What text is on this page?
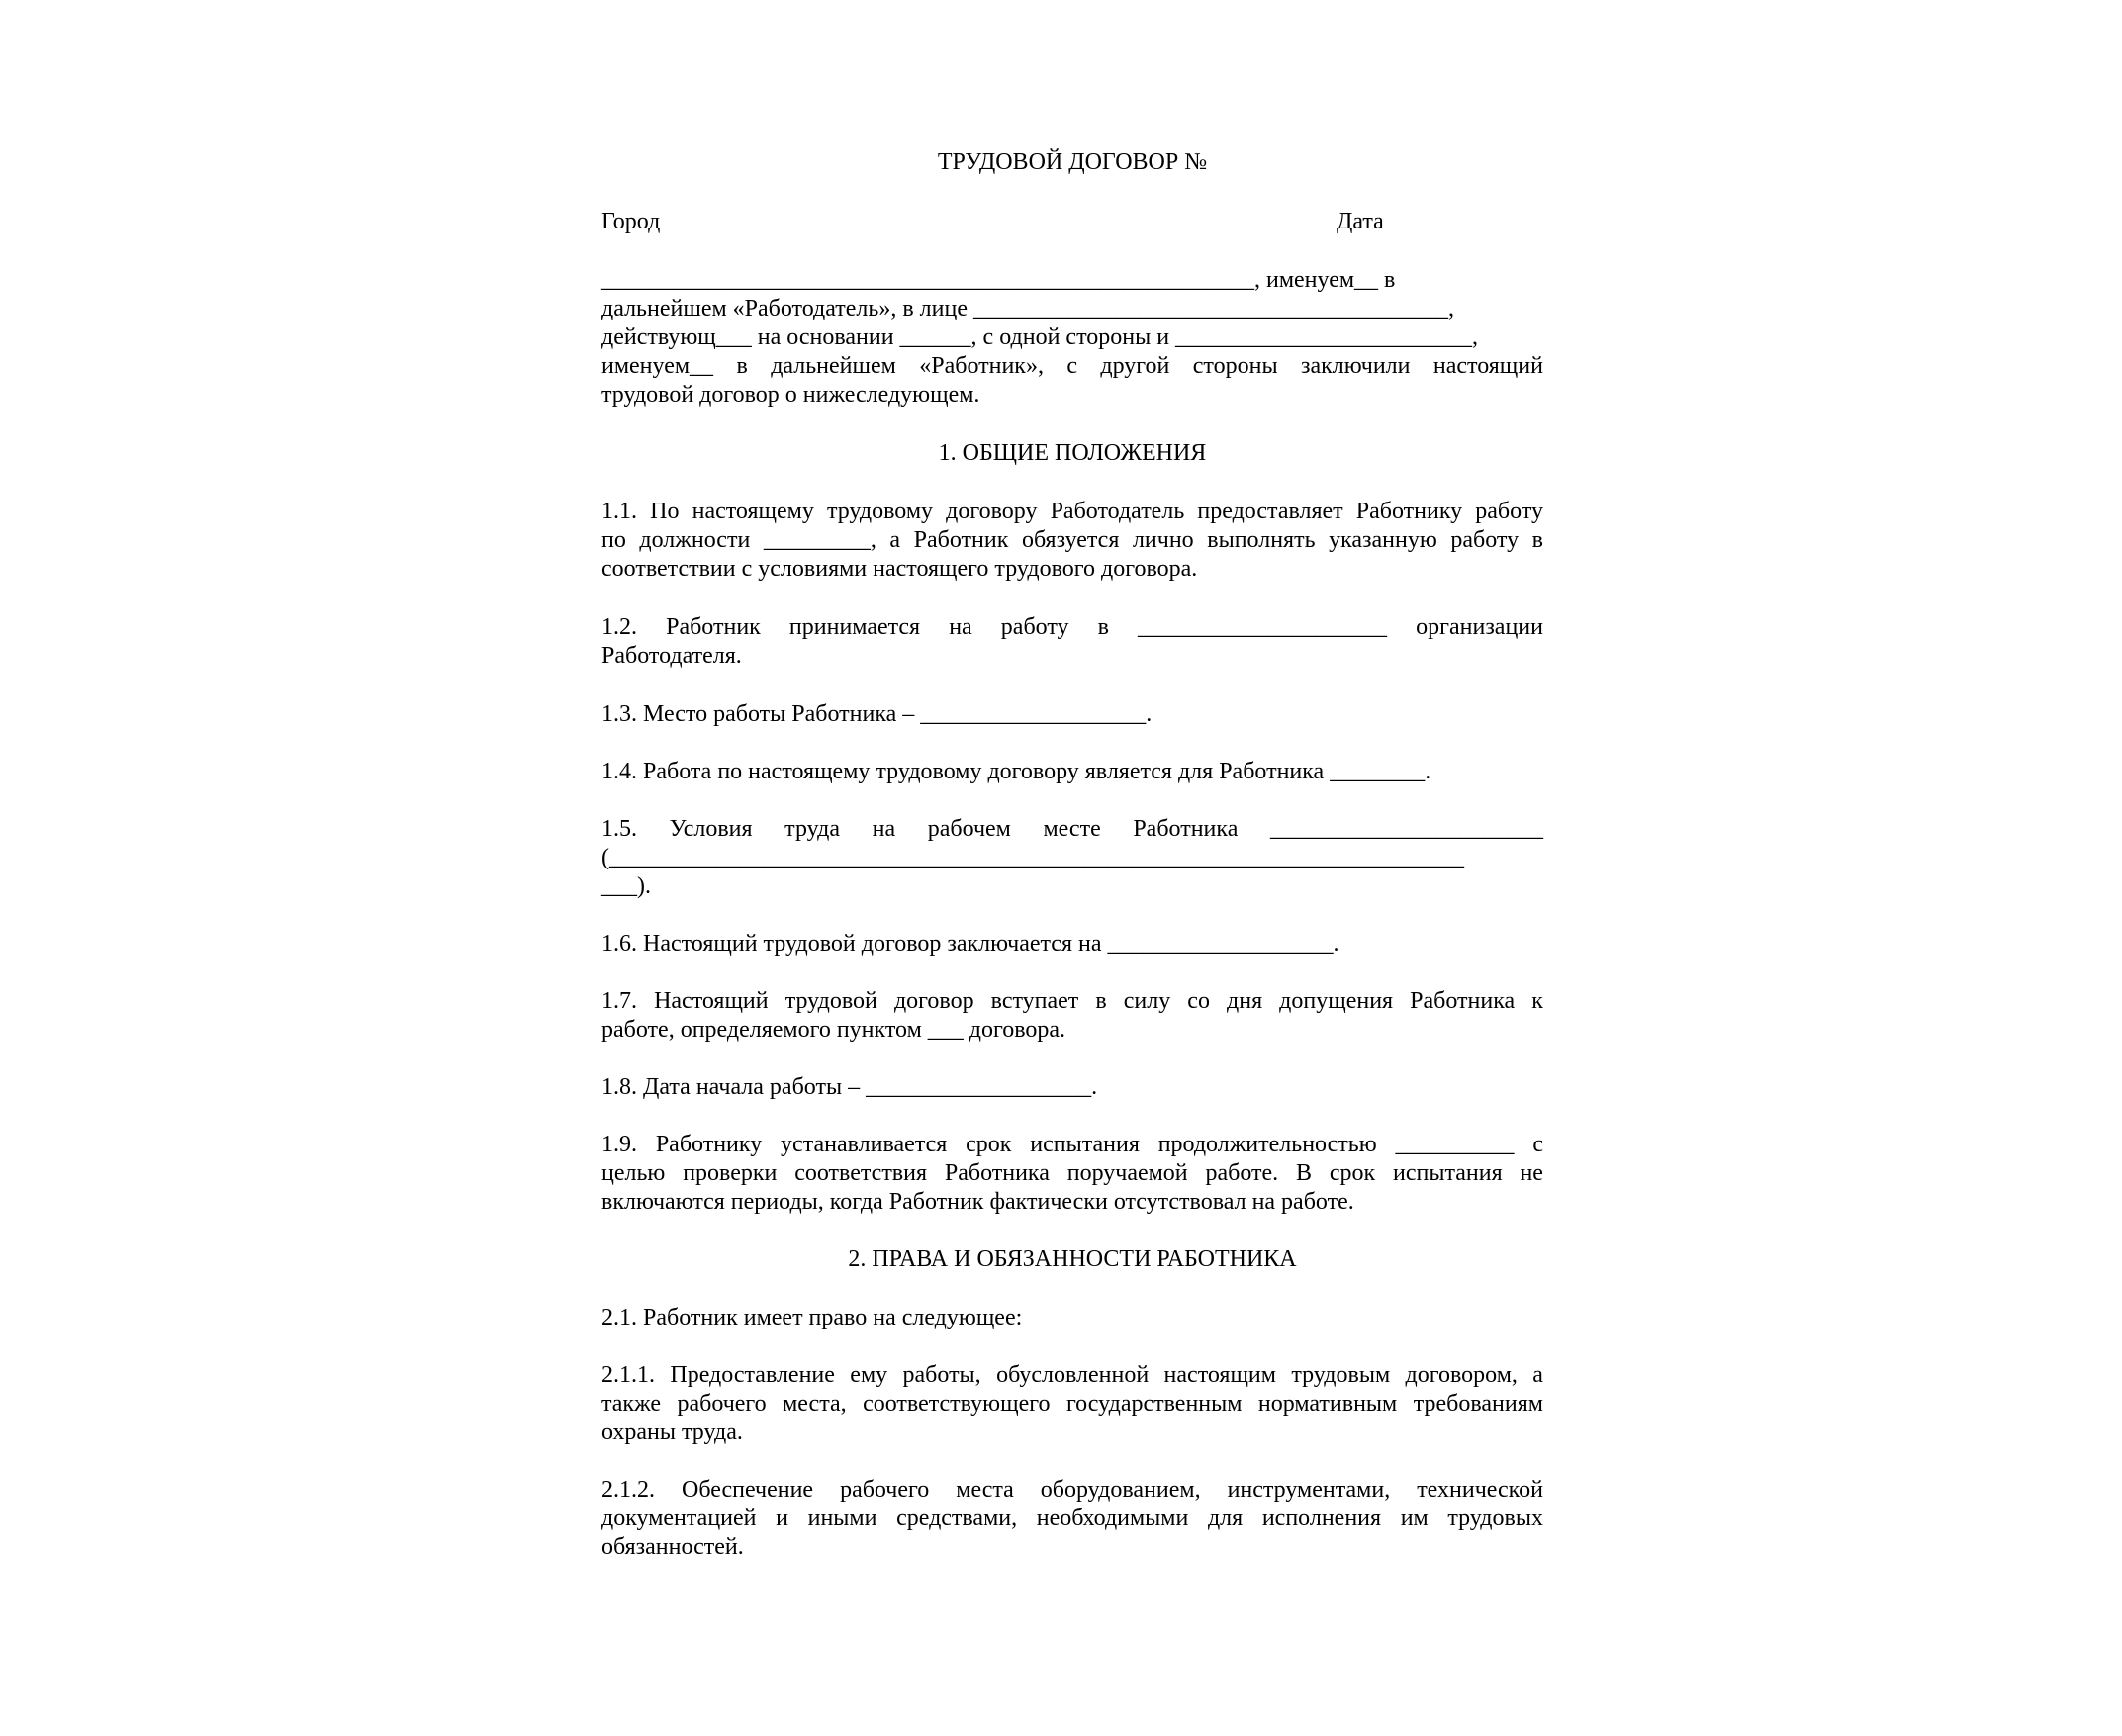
ТРУДОВОЙ ДОГОВОР №
Город	Дата
_______________________________________________________, именуем__ в
дальнейшем «Работодатель», в лице ________________________________________,
действующ___ на основании ______, с одной стороны и _________________________,
именуем__ в дальнейшем «Работник», с другой стороны заключили настоящий
трудовой договор о нижеследующем.
1. ОБЩИЕ ПОЛОЖЕНИЯ
1.1. По настоящему трудовому договору Работодатель предоставляет Работнику работу
по должности _________, а Работник обязуется лично выполнять указанную работу в
соответствии с условиями настоящего трудового договора.
1.2. Работник принимается на работу в _____________________ организации
Работодателя.
1.3. Место работы Работника – ___________________.
1.4. Работа по настоящему трудовому договору является для Работника ________.
1.5. Условия труда на рабочем месте Работника _______________________
(________________________________________________________________________
___).
1.6. Настоящий трудовой договор заключается на ___________________.
1.7. Настоящий трудовой договор вступает в силу со дня допущения Работника к
работе, определяемого пунктом ___ договора.
1.8. Дата начала работы – ___________________.
1.9. Работнику устанавливается срок испытания продолжительностью __________ с
целью проверки соответствия Работника поручаемой работе. В срок испытания не
включаются периоды, когда Работник фактически отсутствовал на работе.
2. ПРАВА И ОБЯЗАННОСТИ РАБОТНИКА
2.1. Работник имеет право на следующее:
2.1.1. Предоставление ему работы, обусловленной настоящим трудовым договором, а
также рабочего места, соответствующего государственным нормативным требованиям
охраны труда.
2.1.2. Обеспечение рабочего места оборудованием, инструментами, технической
документацией и иными средствами, необходимыми для исполнения им трудовых
обязанностей.
